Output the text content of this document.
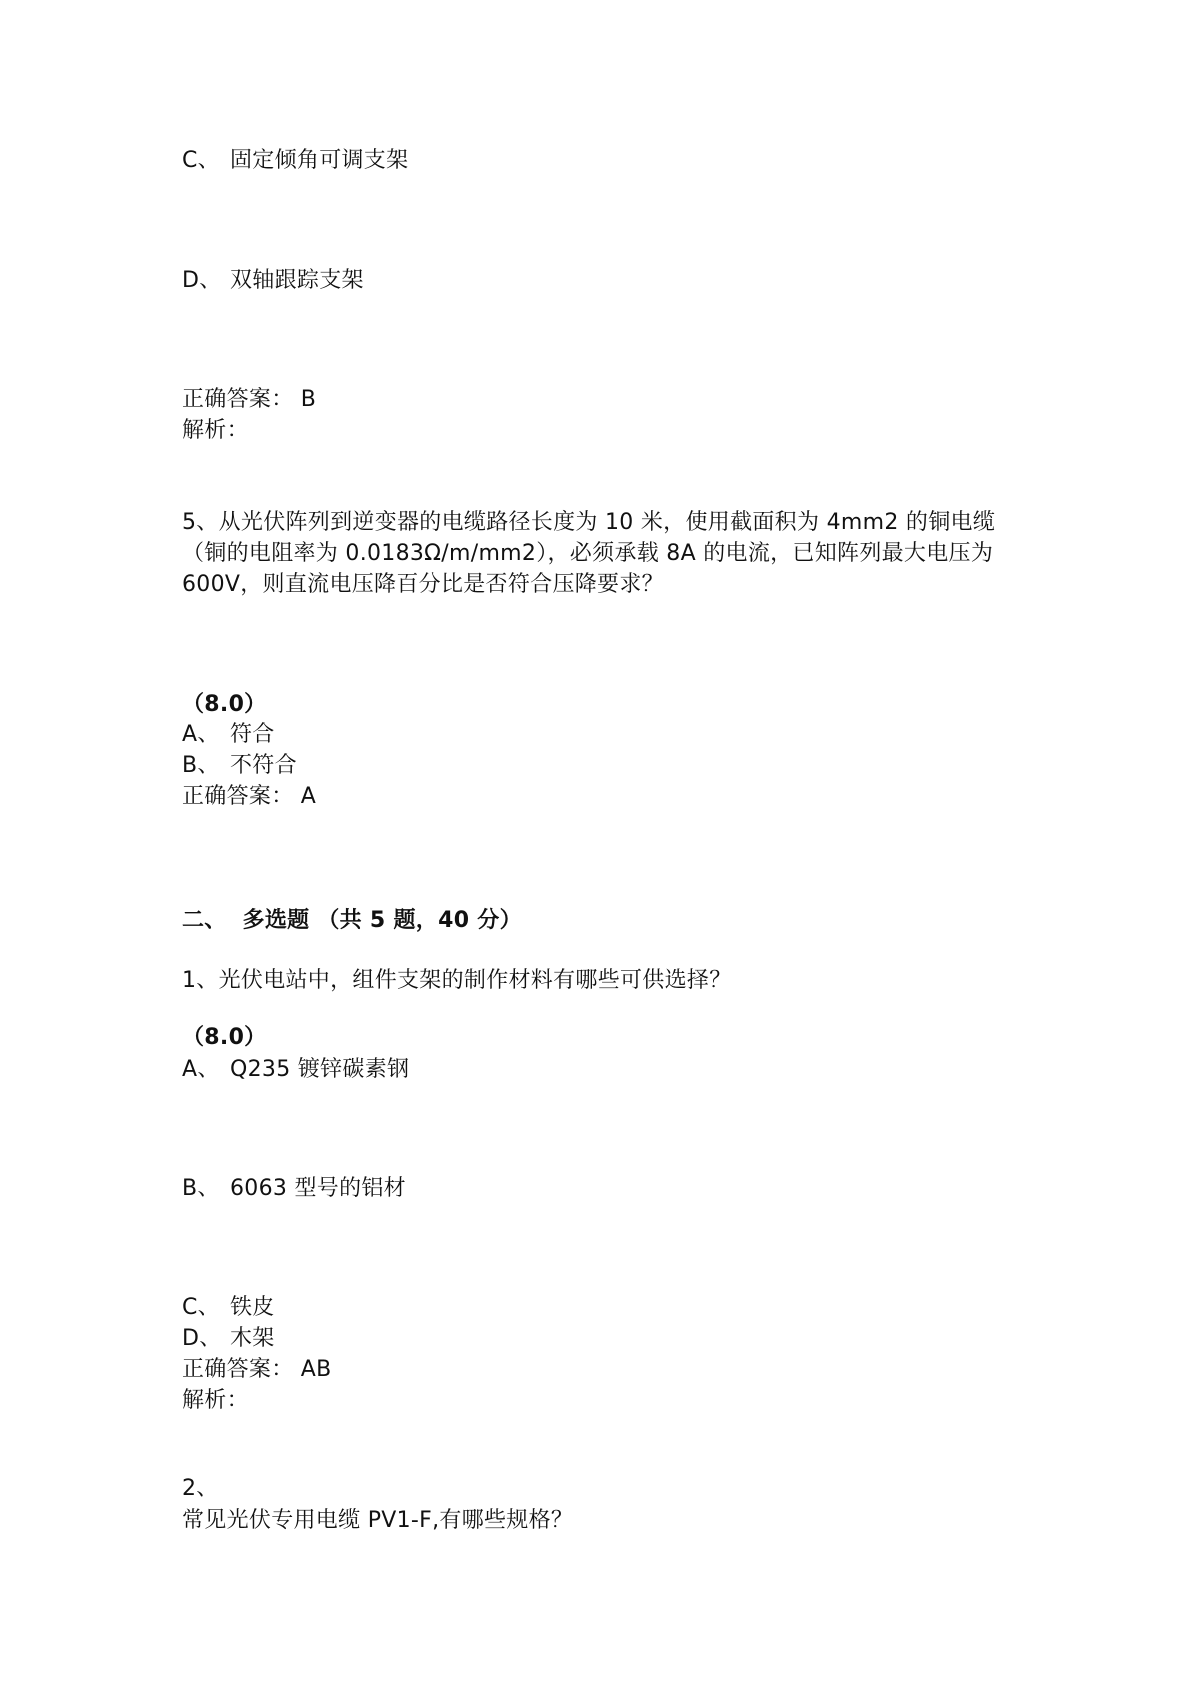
C、 固定倾角可调支架

D、 双轴跟踪支架

正确答案： B

解析：

5、从光伏阵列到逆变器的电缆路径长度为 10 米，使用截面积为 4mm2 的铜电缆

（铜的电阻率为 0.0183Ω/m/mm2），必须承载 8A 的电流，已知阵列最大电压为

600V，则直流电压降百分比是否符合压降要求？

（8.0）

A、 符合

B、 不符合

正确答案： A

二、  多选题 （共 5 题，40 分）

1、光伏电站中，组件支架的制作材料有哪些可供选择？

（8.0）

A、 Q235 镀锌碳素钢

B、 6063 型号的铝材

C、 铁皮

D、 木架

正确答案： AB

解析：

2、

常见光伏专用电缆 PV1-F,有哪些规格？
